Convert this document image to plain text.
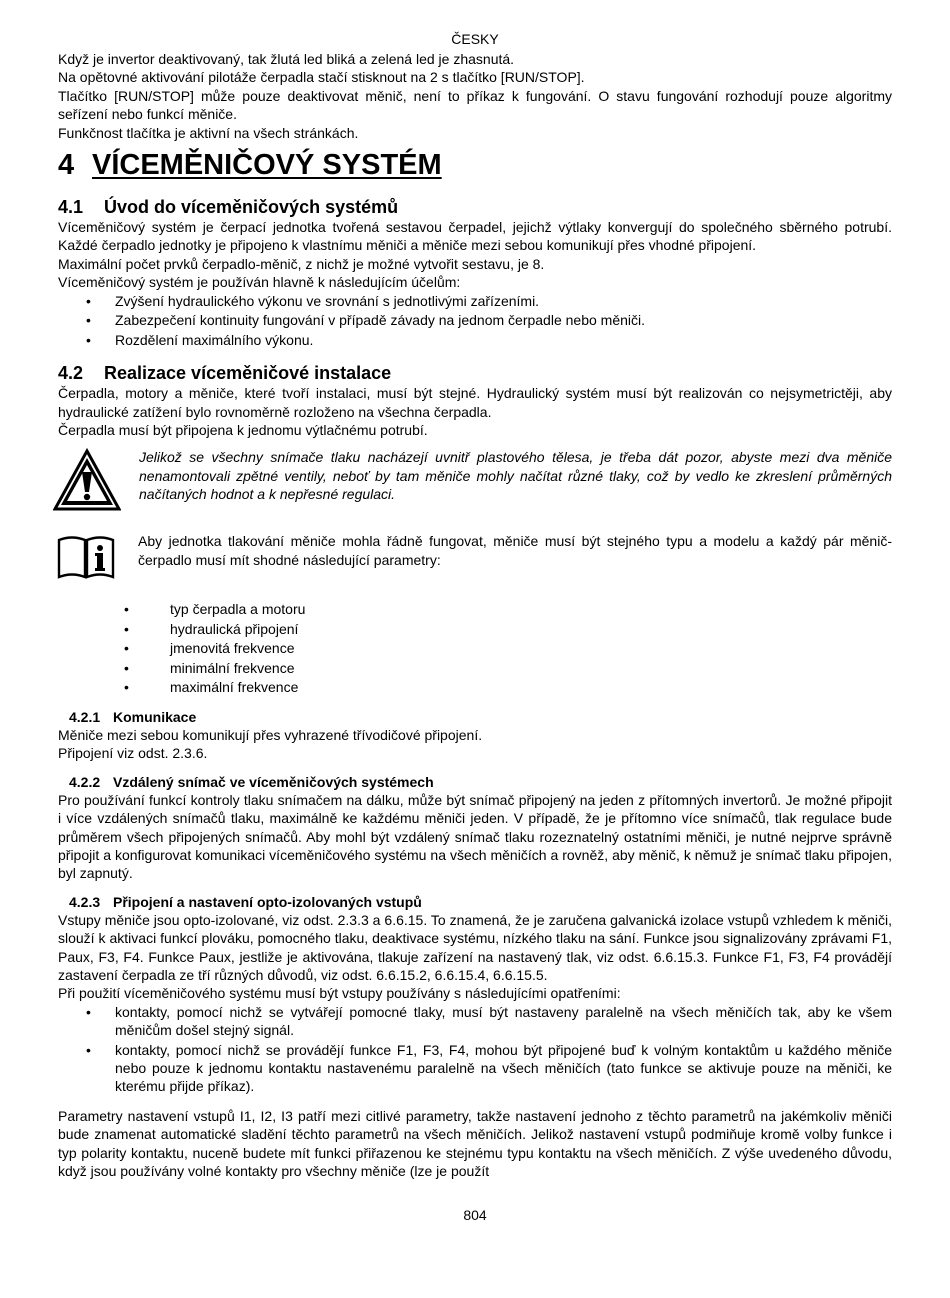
ČESKY

Když je invertor deaktivovaný, tak žlutá led bliká a zelená led je zhasnutá.

Na opětovné aktivování pilotáže čerpadla stačí stisknout na 2 s tlačítko [RUN/STOP].

Tlačítko [RUN/STOP] může pouze deaktivovat měnič, není to příkaz k fungování. O stavu fungování rozhodují pouze algoritmy seřízení nebo funkcí měniče.

Funkčnost tlačítka je aktivní na všech stránkách.

4 VÍCEMĚNIČOVÝ SYSTÉM
4.1 Úvod do víceměničových systémů

Víceměničový systém je čerpací jednotka tvořená sestavou čerpadel, jejichž výtlaky konvergují do společného sběrného potrubí. Každé čerpadlo jednotky je připojeno k vlastnímu měniči a měniče mezi sebou komunikují přes vhodné připojení.

Maximální počet prvků čerpadlo-měnič, z nichž je možné vytvořit sestavu, je 8.

Víceměničový systém je používán hlavně k následujícím účelům:

• Zvýšení hydraulického výkonu ve srovnání s jednotlivými zařízeními.
• Zabezpečení kontinuity fungování v případě závady na jednom čerpadle nebo měniči.
• Rozdělení maximálního výkonu.
4.2 Realizace víceměničové instalace

Čerpadla, motory a měniče, které tvoří instalaci, musí být stejné. Hydraulický systém musí být realizován co nejsymetrictěji, aby hydraulické zatížení bylo rovnoměrně rozloženo na všechna čerpadla.

Čerpadla musí být připojena k jednomu výtlačnému potrubí.

Jelikož se všechny snímače tlaku nacházejí uvnitř plastového tělesa, je třeba dát pozor, abyste mezi dva měniče nenamontovali zpětné ventily, neboť by tam měniče mohly načítat různé tlaky, což by vedlo ke zkreslení průměrných načítaných hodnot a k nepřesné regulaci.

Aby jednotka tlakování měniče mohla řádně fungovat, měniče musí být stejného typu a modelu a každý pár měnič-čerpadlo musí mít shodné následující parametry:

• typ čerpadla a motoru
• hydraulická připojení
• jmenovitá frekvence
• minimální frekvence
• maximální frekvence
4.2.1 Komunikace

Měniče mezi sebou komunikují přes vyhrazené třívodičové připojení.

Připojení viz odst. 2.3.6.

4.2.2 Vzdálený snímač ve víceměničových systémech

Pro používání funkcí kontroly tlaku snímačem na dálku, může být snímač připojený na jeden z přítomných invertorů. Je možné připojit i více vzdálených snímačů tlaku, maximálně ke každému měniči jeden. V případě, že je přítomno více snímačů, tlak regulace bude průměrem všech připojených snímačů. Aby mohl být vzdálený snímač tlaku rozeznatelný ostatními měniči, je nutné nejprve správně připojit a konfigurovat komunikaci víceměničového systému na všech měničích a rovněž, aby měnič, k němuž je snímač tlaku připojen, byl zapnutý.

4.2.3 Připojení a nastavení opto-izolovaných vstupů

Vstupy měniče jsou opto-izolované, viz odst. 2.3.3 a 6.6.15. To znamená, že je zaručena galvanická izolace vstupů vzhledem k měniči, slouží k aktivaci funkcí plováku, pomocného tlaku, deaktivace systému, nízkého tlaku na sání. Funkce jsou signalizovány zprávami F1, Paux, F3, F4. Funkce Paux, jestliže je aktivována, tlakuje zařízení na nastavený tlak, viz odst. 6.6.15.3. Funkce F1, F3, F4 provádějí zastavení čerpadla ze tří různých důvodů, viz odst. 6.6.15.2, 6.6.15.4, 6.6.15.5.

Při použití víceměničového systému musí být vstupy používány s následujícími opatřeními:

• kontakty, pomocí nichž se vytvářejí pomocné tlaky, musí být nastaveny paralelně na všech měničích tak, aby ke všem měničům došel stejný signál.
• kontakty, pomocí nichž se provádějí funkce F1, F3, F4, mohou být připojené buď k volným kontaktům u každého měniče nebo pouze k jednomu kontaktu nastavenému paralelně na všech měničích (tato funkce se aktivuje pouze na měniči, ke kterému přijde příkaz).

Parametry nastavení vstupů I1, I2, I3 patří mezi citlivé parametry, takže nastavení jednoho z těchto parametrů na jakémkoliv měniči bude znamenat automatické sladění těchto parametrů na všech měničích. Jelikož nastavení vstupů podmiňuje kromě volby funkce i typ polarity kontaktu, nuceně budete mít funkci přiřazenou ke stejnému typu kontaktu na všech měničích. Z výše uvedeného důvodu, když jsou používány volné kontakty pro všechny měniče (lze je použít

804
